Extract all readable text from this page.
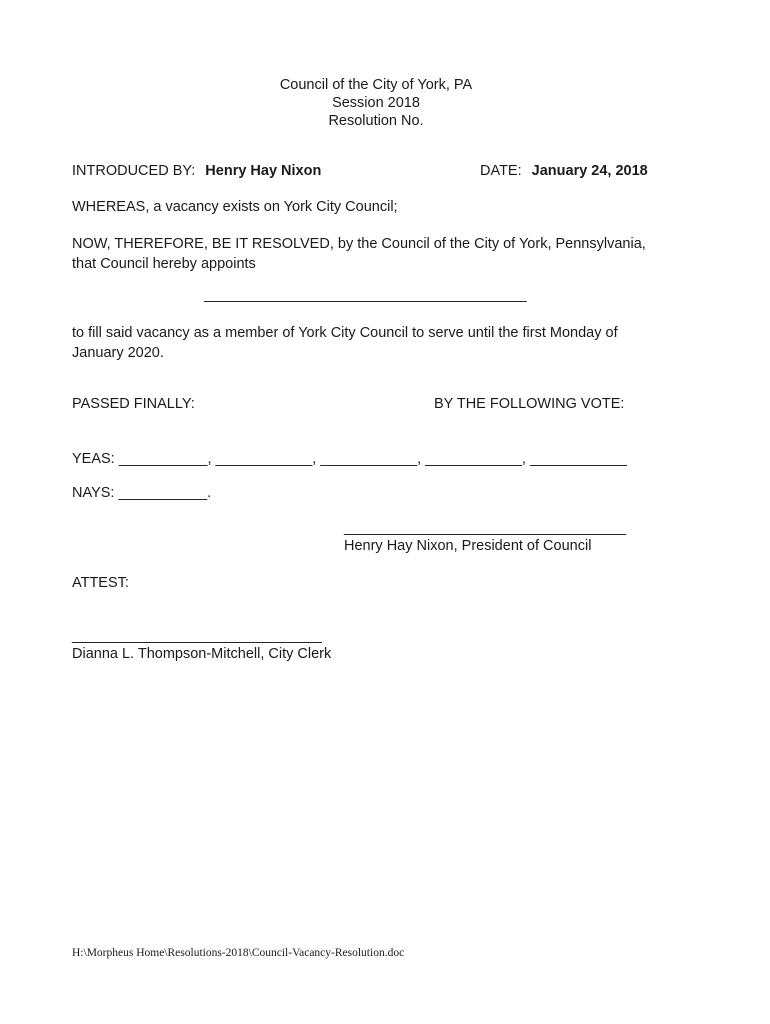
Council of the City of York, PA
Session 2018
Resolution No.
INTRODUCED BY: Henry Hay Nixon	DATE: January 24, 2018
WHEREAS, a vacancy exists on York City Council;
NOW, THEREFORE, BE IT RESOLVED, by the Council of the City of York, Pennsylvania,
that Council hereby appoints
________________________________________
to fill said vacancy as a member of York City Council to serve until the first Monday of
January 2020.
PASSED FINALLY:	BY THE FOLLOWING VOTE:
YEAS: ___________, ____________, ____________, ____________, ____________
NAYS: ___________.
___________________________________
Henry Hay Nixon, President of Council
ATTEST:
_______________________________
Dianna L. Thompson-Mitchell, City Clerk
H:\Morpheus Home\Resolutions-2018\Council-Vacancy-Resolution.doc
